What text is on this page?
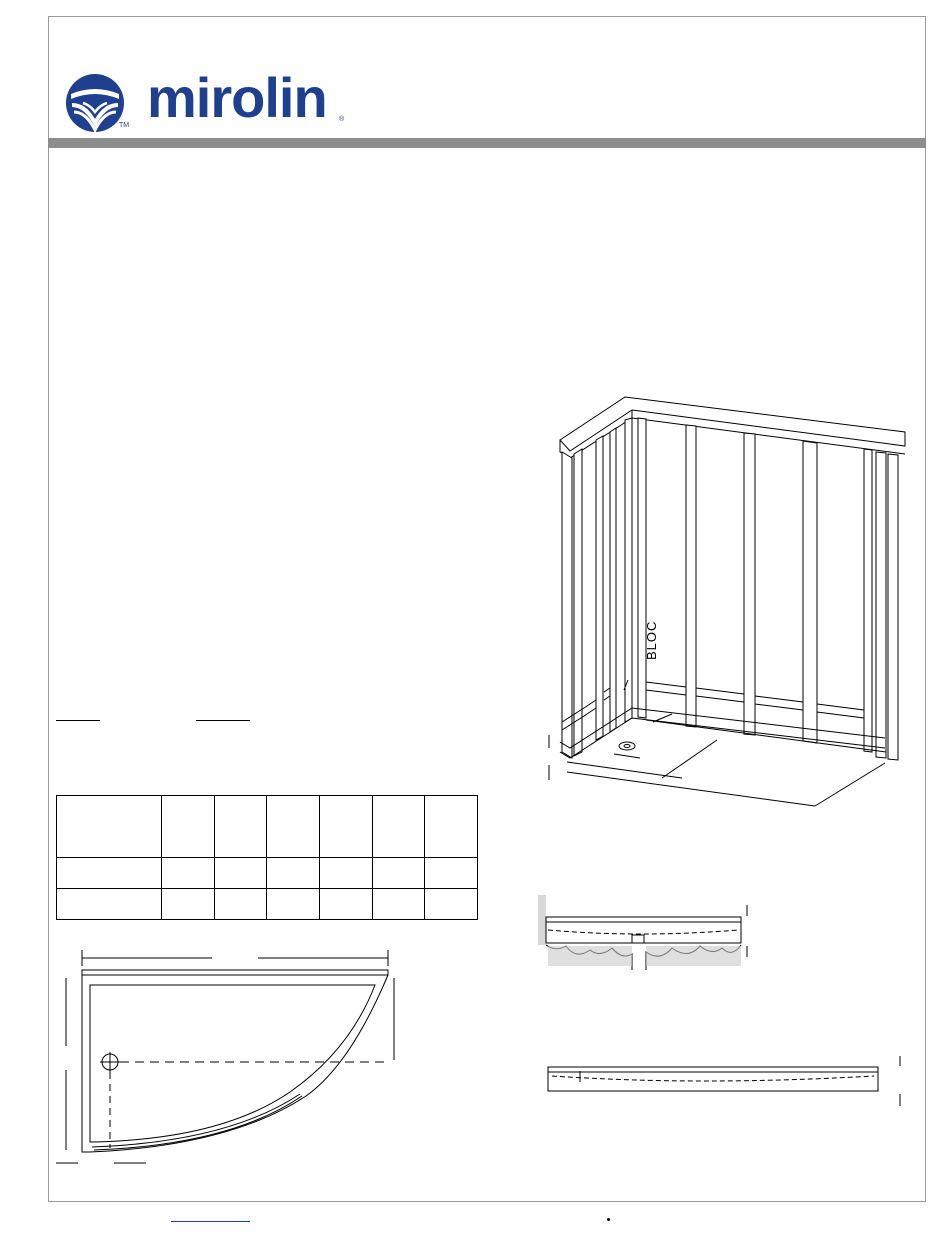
TM mirolin ®
BLOC
